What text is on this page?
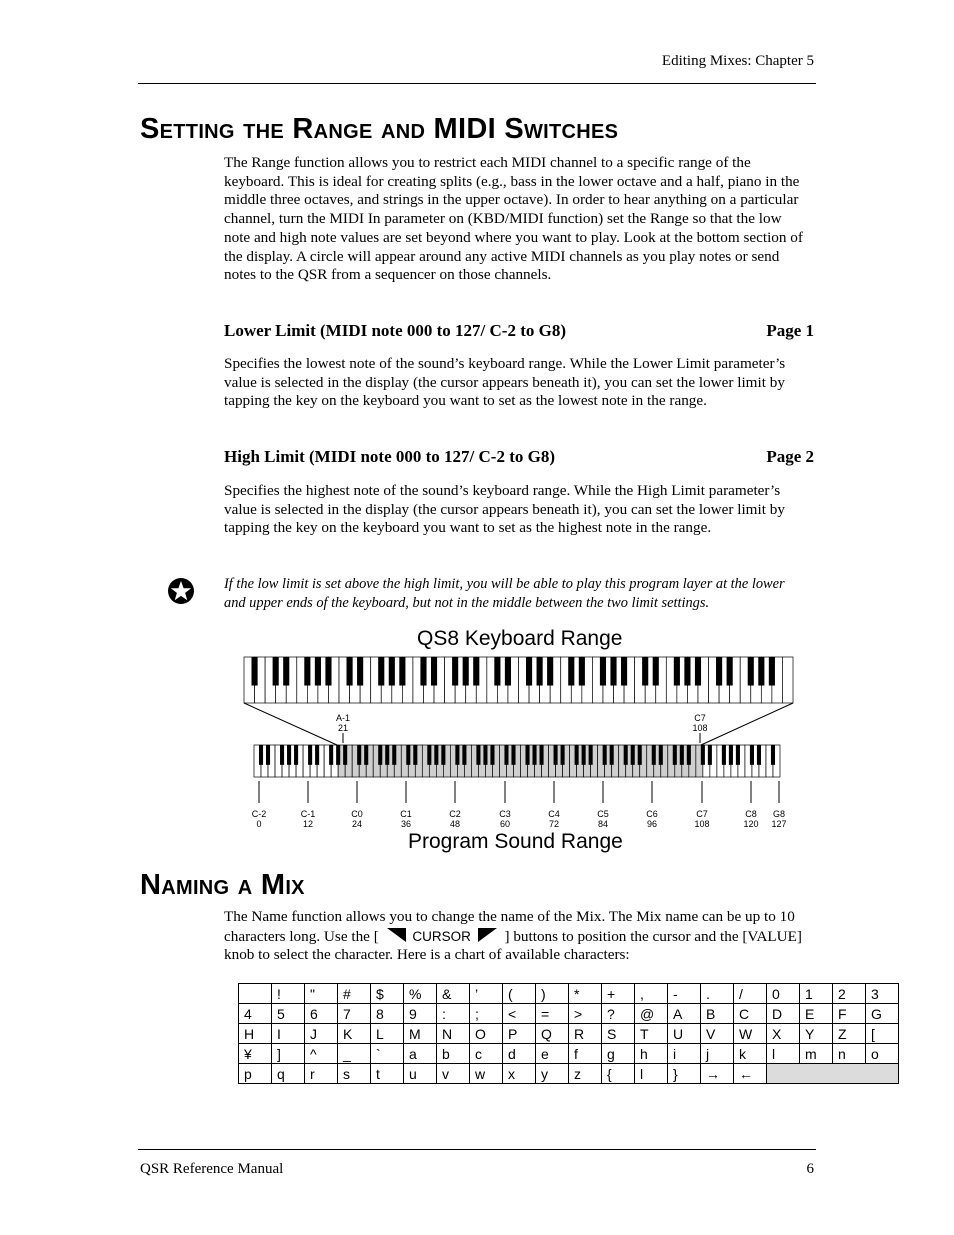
Editing Mixes: Chapter 5
Setting the Range and MIDI Switches
The Range function allows you to restrict each MIDI channel to a specific range of the keyboard. This is ideal for creating splits (e.g., bass in the lower octave and a half, piano in the middle three octaves, and strings in the upper octave). In order to hear anything on a particular channel, turn the MIDI In parameter on (KBD/MIDI function) set the Range so that the low note and high note values are set beyond where you want to play. Look at the bottom section of the display. A circle will appear around any active MIDI channels as you play notes or send notes to the QSR from a sequencer on those channels.
Lower Limit (MIDI note 000 to 127/ C-2 to G8)	Page 1
Specifies the lowest note of the sound’s keyboard range. While the Lower Limit parameter’s value is selected in the display (the cursor appears beneath it), you can set the lower limit by tapping the key on the keyboard you want to set as the lowest note in the range.
High Limit (MIDI note 000 to 127/ C-2 to G8)	Page 2
Specifies the highest note of the sound’s keyboard range. While the High Limit parameter’s value is selected in the display (the cursor appears beneath it), you can set the lower limit by tapping the key on the keyboard you want to set as the highest note in the range.
If the low limit is set above the high limit, you will be able to play this program layer at the lower and upper ends of the keyboard, but not in the middle between the two limit settings.
QS8 Keyboard Range
A-1
21
C7
108
C-2
0
C-1
12
C0
24
C1
36
C2
48
C3
60
C4
72
C5
84
C6
96
C7
108
C8
120
G8
127
Program Sound Range
Naming a Mix
The Name function allows you to change the name of the Mix. The Mix name can be up to 10 characters long. Use the [ CURSOR ] buttons to position the cursor and the [VALUE] knob to select the character. Here is a chart of available characters:
	!	"	#	$	%	&	’	(	)	*	+	,	-	.	/	0	1	2	3
4	5	6	7	8	9	:	;	<	=	>	?	@	A	B	C	D	E	F	G
H	I	J	K	L	M	N	O	P	Q	R	S	T	U	V	W	X	Y	Z	[
¥	]	^	_	`	a	b	c	d	e	f	g	h	i	j	k	l	m	n	o
p	q	r	s	t	u	v	w	x	y	z	{	l	}	→	←				
QSR Reference Manual	6
